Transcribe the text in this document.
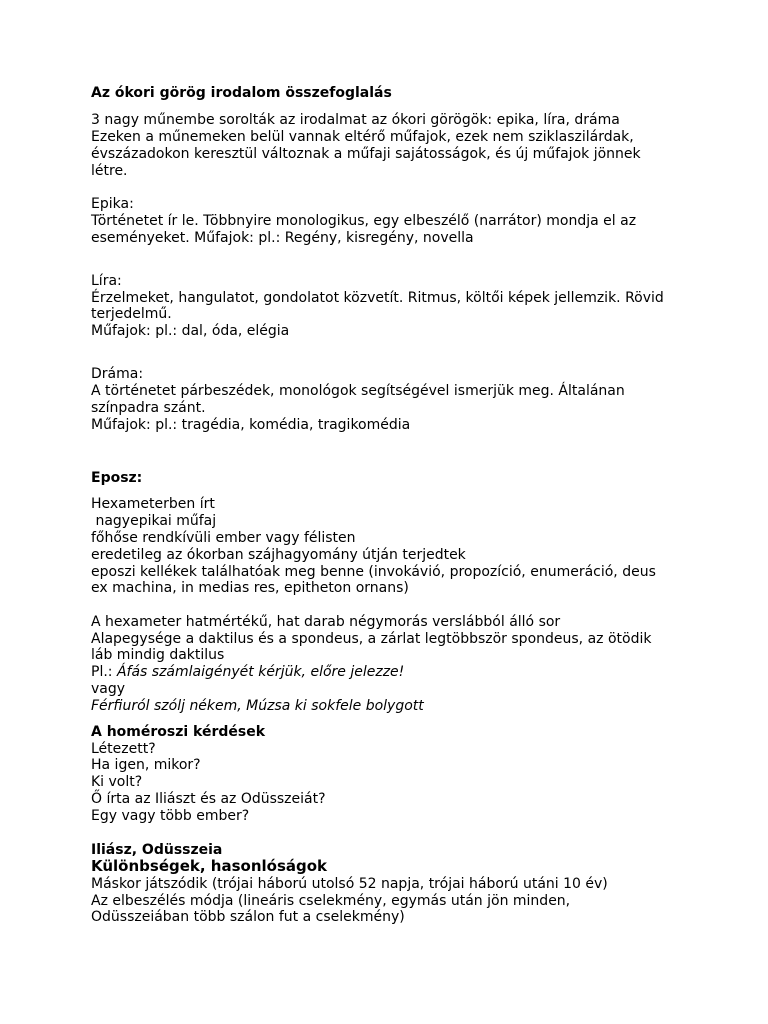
Az ókori görög irodalom összefoglalás
3 nagy műnembe sorolták az irodalmat az ókori görögök: epika, líra, dráma
Ezeken a műnemeken belül vannak eltérő műfajok, ezek nem sziklaszilárdak,
évszázadokon keresztül változnak a műfaji sajátosságok, és új műfajok jönnek
létre.
Epika:
Történetet ír le. Többnyire monologikus, egy elbeszélő (narrátor) mondja el az
eseményeket. Műfajok: pl.: Regény, kisregény, novella
Líra:
Érzelmeket, hangulatot, gondolatot közvetít. Ritmus, költői képek jellemzik. Rövid
terjedelmű.
Műfajok: pl.: dal, óda, elégia
Dráma:
A történetet párbeszédek, monológok segítségével ismerjük meg. Általánan
színpadra szánt.
Műfajok: pl.: tragédia, komédia, tragikomédia
Eposz:
Hexameterben írt
nagyepikai műfaj
főhőse rendkívüli ember vagy félisten
eredetileg az ókorban szájhagyomány útján terjedtek
eposzi kellékek találhatóak meg benne (invokávió, propozíció, enumeráció, deus
ex machina, in medias res, epitheton ornans)
A hexameter hatmértékű, hat darab négymorás verslábból álló sor
Alapegysége a daktilus és a spondeus, a zárlat legtöbbször spondeus, az ötödik
láb mindig daktilus
Pl.: Áfás számlaigényét kérjük, előre jelezze!
vagy
Férfiuról szólj nékem, Múzsa ki sokfele bolygott
A homéroszi kérdések
Létezett?
Ha igen, mikor?
Ki volt?
Ő írta az Iliászt és az Odüsszeiát?
Egy vagy több ember?
Iliász, Odüsszeia
Különbségek, hasonlóságok
Máskor játszódik (trójai háború utolsó 52 napja, trójai háború utáni 10 év)
Az elbeszélés módja (lineáris cselekmény, egymás után jön minden,
Odüsszeiában több szálon fut a cselekmény)
